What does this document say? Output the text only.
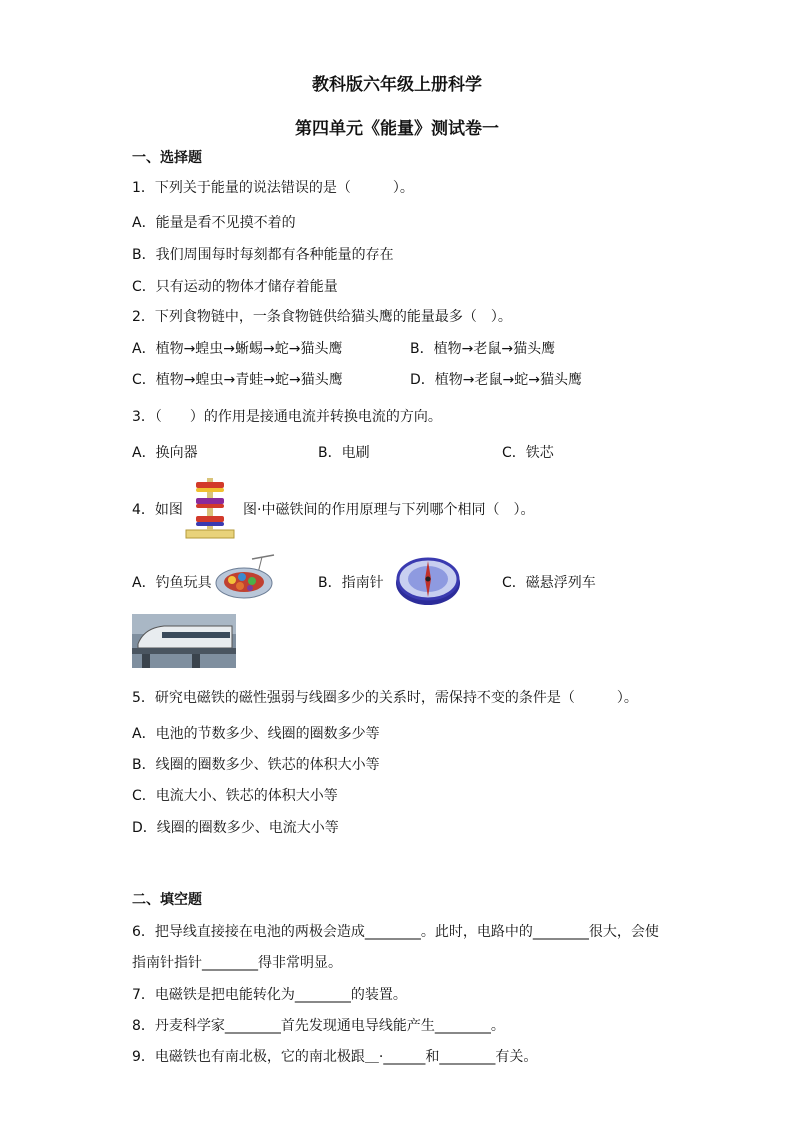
教科版六年级上册科学
第四单元《能量》测试卷一
一、选择题
1．下列关于能量的说法错误的是（　　　）。
A．能量是看不见摸不着的
B．我们周围每时每刻都有各种能量的存在
C．只有运动的物体才储存着能量
2．下列食物链中，一条食物链供给猫头鹰的能量最多（　）。
A．植物→蝗虫→蜥蜴→蛇→猫头鹰	B．植物→老鼠→猫头鹰
C．植物→蝗虫→青蛙→蛇→猫头鹰	D．植物→老鼠→蛇→猫头鹰
3．（　　）的作用是接通电流并转换电流的方向。
A．换向器	B．电刷	C．铁芯
4．如图	图·中磁铁间的作用原理与下列哪个相同（　）。
A．钓鱼玩具	B．指南针	C．磁悬浮列车
5．研究电磁铁的磁性强弱与线圈多少的关系时，需保持不变的条件是（　　　）。
A．电池的节数多少、线圈的圈数多少等
B．线圈的圈数多少、铁芯的体积大小等
C．电流大小、铁芯的体积大小等
D．线圈的圈数多少、电流大小等
二、填空题
6．把导线直接接在电池的两极会造成________。此时，电路中的________很大，会使
指南针指针________得非常明显。
7．电磁铁是把电能转化为________的装置。
8．丹麦科学家________首先发现通电导线能产生________。
9．电磁铁也有南北极，它的南北极跟＿·______和________有关。
